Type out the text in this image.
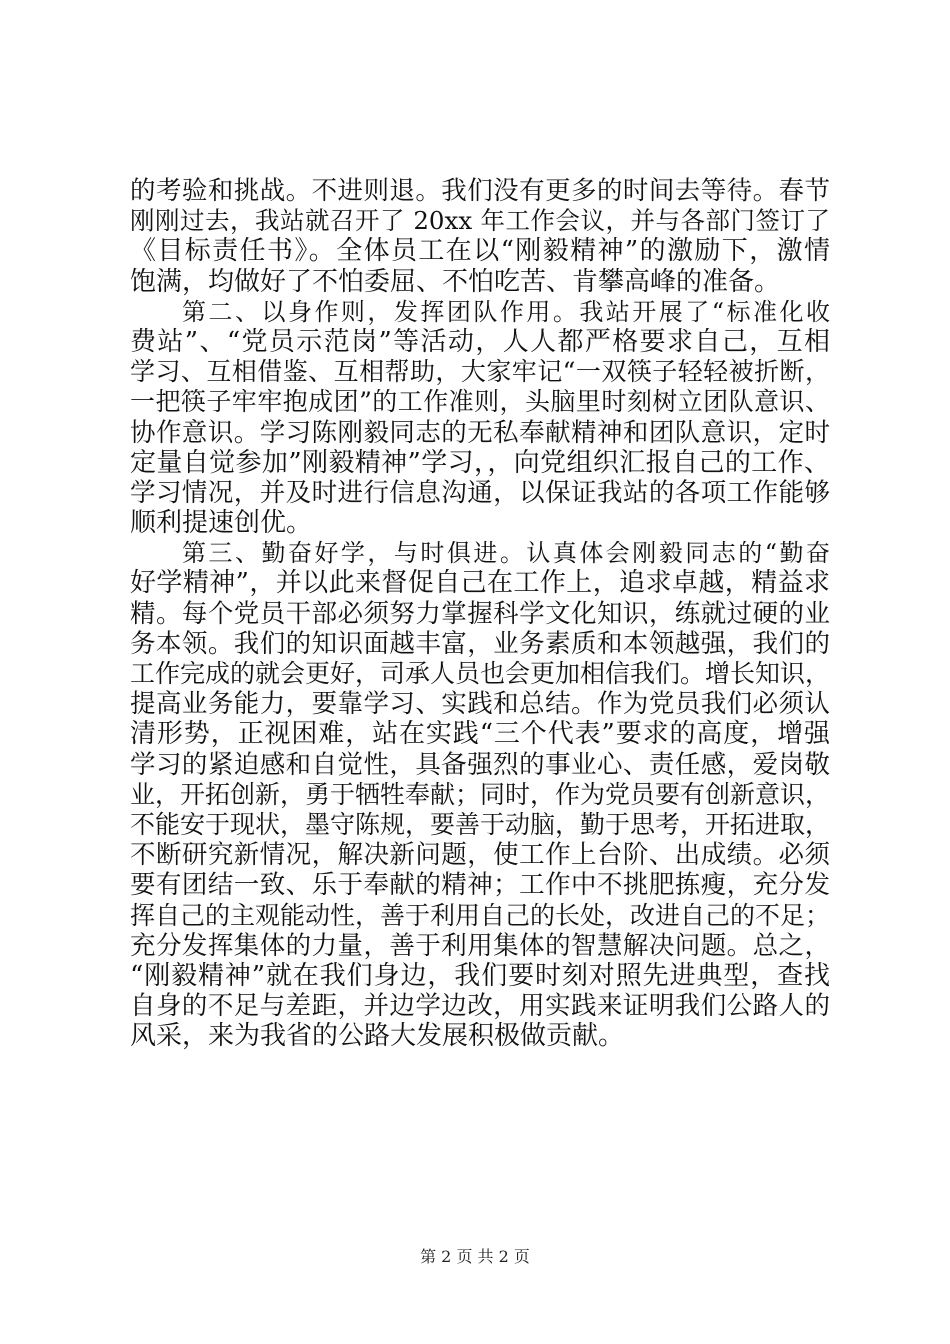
的考验和挑战。不进则退。我们没有更多的时间去等待。春节
刚刚过去，我站就召开了 20xx 年工作会议，并与各部门签订了
《目标责任书》。全体员工在以“刚毅精神”的激励下，激情
饱满，均做好了不怕委屈、不怕吃苦、肯攀高峰的准备。
第二、以身作则，发挥团队作用。我站开展了“标准化收
费站”、“党员示范岗”等活动，人人都严格要求自己，互相
学习、互相借鉴、互相帮助，大家牢记“一双筷子轻轻被折断，
一把筷子牢牢抱成团”的工作准则，头脑里时刻树立团队意识、
协作意识。学习陈刚毅同志的无私奉献精神和团队意识，定时
定量自觉参加”刚毅精神”学习，，向党组织汇报自己的工作、
学习情况，并及时进行信息沟通，以保证我站的各项工作能够
顺利提速创优。
第三、勤奋好学，与时俱进。认真体会刚毅同志的“勤奋
好学精神”，并以此来督促自己在工作上，追求卓越，精益求
精。每个党员干部必须努力掌握科学文化知识，练就过硬的业
务本领。我们的知识面越丰富，业务素质和本领越强，我们的
工作完成的就会更好，司承人员也会更加相信我们。增长知识，
提高业务能力，要靠学习、实践和总结。作为党员我们必须认
清形势，正视困难，站在实践“三个代表”要求的高度，增强
学习的紧迫感和自觉性，具备强烈的事业心、责任感，爱岗敬
业，开拓创新，勇于牺牲奉献；同时，作为党员要有创新意识，
不能安于现状，墨守陈规，要善于动脑，勤于思考，开拓进取，
不断研究新情况，解决新问题，使工作上台阶、出成绩。必须
要有团结一致、乐于奉献的精神；工作中不挑肥拣瘦，充分发
挥自己的主观能动性，善于利用自己的长处，改进自己的不足；
充分发挥集体的力量，善于利用集体的智慧解决问题。总之，
“刚毅精神”就在我们身边，我们要时刻对照先进典型，查找
自身的不足与差距，并边学边改，用实践来证明我们公路人的
风采，来为我省的公路大发展积极做贡献。
第 2 页 共 2 页
